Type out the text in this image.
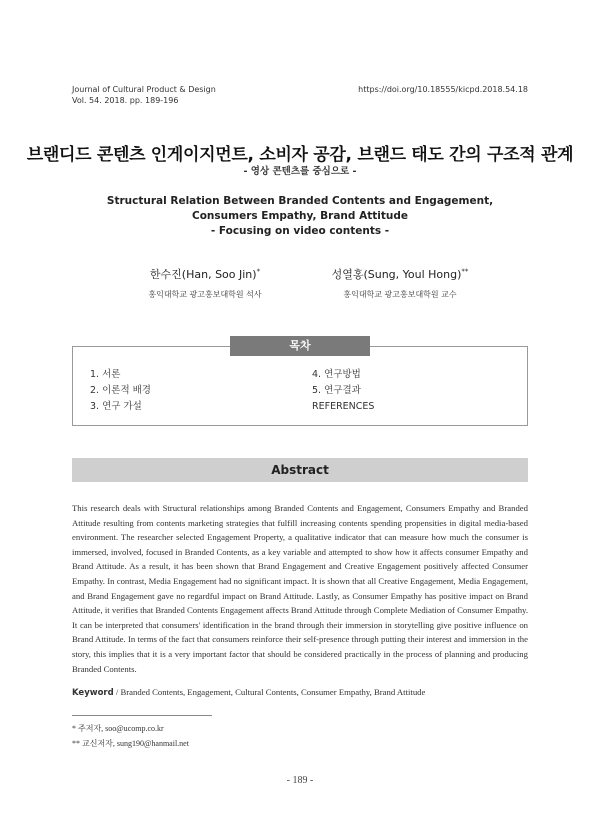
Journal of Cultural Product & Design
Vol. 54. 2018. pp. 189-196
https://doi.org/10.18555/kicpd.2018.54.18
브랜디드 콘텐츠 인게이지먼트, 소비자 공감, 브랜드 태도 간의 구조적 관계
- 영상 콘텐츠를 중심으로 -
Structural Relation Between Branded Contents and Engagement,
Consumers Empathy, Brand Attitude
- Focusing on video contents -
한수진(Han, Soo Jin)*
홍익대학교 광고홍보대학원 석사
성열홍(Sung, Youl Hong)**
홍익대학교 광고홍보대학원 교수
목차
1. 서론
2. 이론적 배경
3. 연구 가설
4. 연구방법
5. 연구결과
REFERENCES
Abstract
This research deals with Structural relationships among Branded Contents and Engagement, Consumers Empathy and Branded Attitude resulting from contents marketing strategies that fulfill increasing contents spending propensities in digital media-based environment. The researcher selected Engagement Property, a qualitative indicator that can measure how much the consumer is immersed, involved, focused in Branded Contents, as a key variable and attempted to show how it affects consumer Empathy and Brand Attitude. As a result, it has been shown that Brand Engagement and Creative Engagement positively affected Consumer Empathy. In contrast, Media Engagement had no significant impact. It is shown that all Creative Engagement, Media Engagement, and Brand Engagement gave no regardful impact on Brand Attitude. Lastly, as Consumer Empathy has positive impact on Brand Attitude, it verifies that Branded Contents Engagement affects Brand Attitude through Complete Mediation of Consumer Empathy. It can be interpreted that consumers' identification in the brand through their immersion in storytelling give positive influence on Brand Attitude. In terms of the fact that consumers reinforce their self-presence through putting their interest and immersion in the story, this implies that it is a very important factor that should be considered practically in the process of planning and producing Branded Contents.
Keyword / Branded Contents, Engagement, Cultural Contents, Consumer Empathy, Brand Attitude
* 주저자, soo@ucomp.co.kr
** 교신저자, sung190@hanmail.net
- 189 -
